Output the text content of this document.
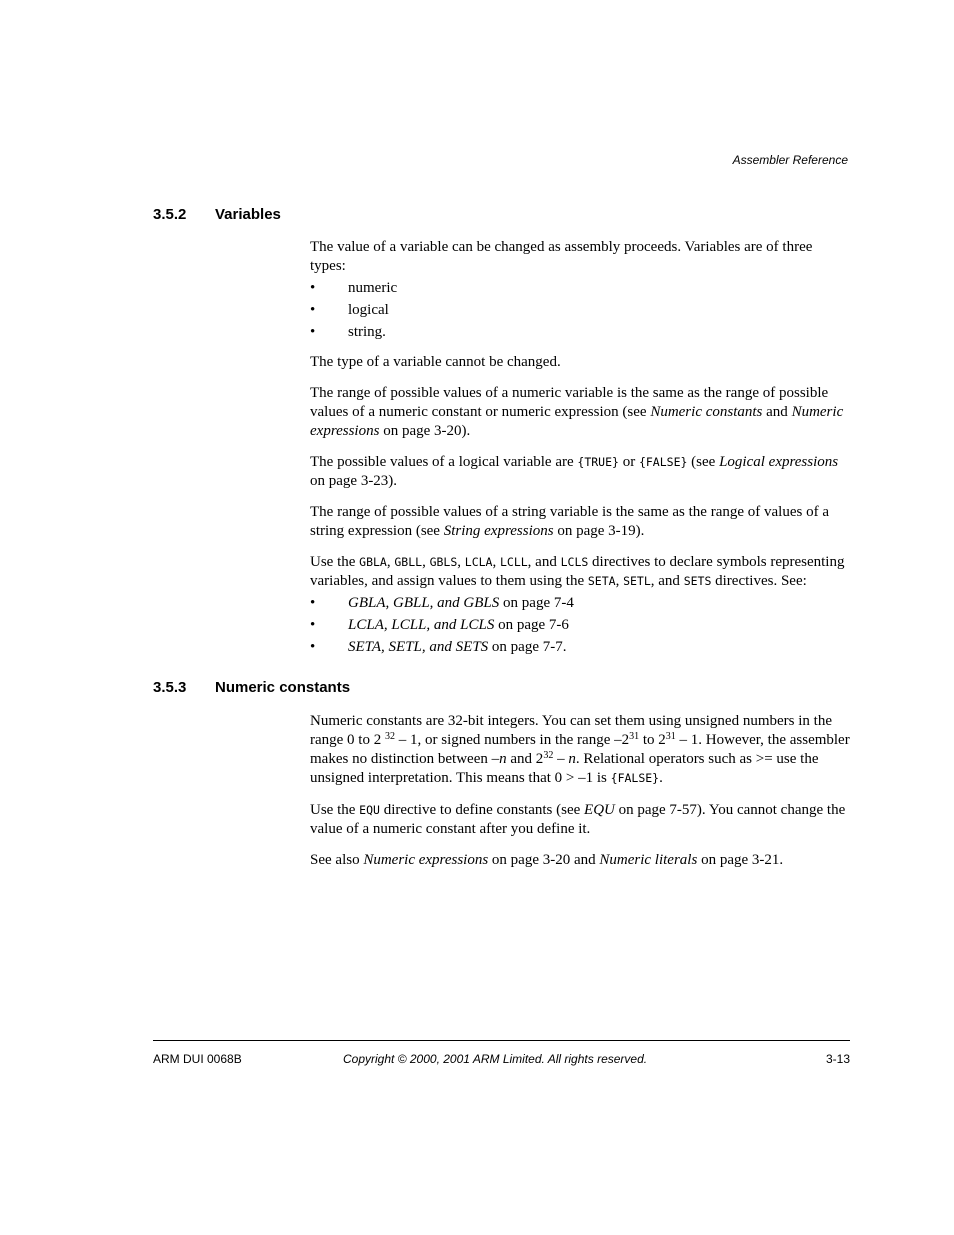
Assembler Reference
3.5.2 Variables

The value of a variable can be changed as assembly proceeds. Variables are of three types:

• numeric
• logical
• string.

The type of a variable cannot be changed.

The range of possible values of a numeric variable is the same as the range of possible values of a numeric constant or numeric expression (see Numeric constants and Numeric expressions on page 3-20).

The possible values of a logical variable are {TRUE} or {FALSE} (see Logical expressions on page 3-23).

The range of possible values of a string variable is the same as the range of values of a string expression (see String expressions on page 3-19).

Use the GBLA, GBLL, GBLS, LCLA, LCLL, and LCLS directives to declare symbols representing variables, and assign values to them using the SETA, SETL, and SETS directives. See:

• GBLA, GBLL, and GBLS on page 7-4
• LCLA, LCLL, and LCLS on page 7-6
• SETA, SETL, and SETS on page 7-7.
3.5.3 Numeric constants

Numeric constants are 32-bit integers. You can set them using unsigned numbers in the range 0 to 2 $^{32}$ – 1, or signed numbers in the range $-2^{31}$ to $2^{31} - 1$. However, the assembler makes no distinction between –n and $2^{32}$ – n. Relational operators such as >= use the unsigned interpretation. This means that 0 > –1 is {FALSE}.

Use the EQU directive to define constants (see EQU on page 7-57). You cannot change the value of a numeric constant after you define it.

See also Numeric expressions on page 3-20 and Numeric literals on page 3-21.

ARM DUI 0068B	Copyright © 2000, 2001 ARM Limited. All rights reserved.	3-13
